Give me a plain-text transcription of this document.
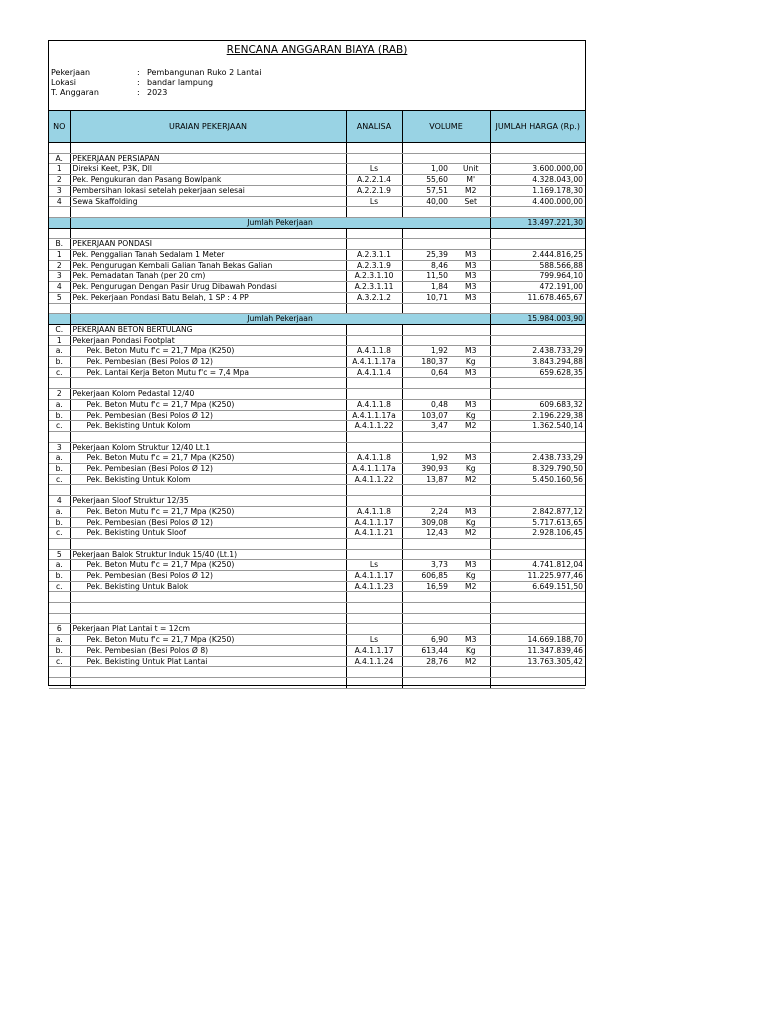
RENCANA ANGGARAN BIAYA (RAB)
Pekerjaan	: Pembangunan Ruko 2 Lantai
Lokasi	: bandar lampung
T. Anggaran	: 2023
NO	URAIAN PEKERJAAN	ANALISA	VOLUME	JUMLAH HARGA (Rp.)

A.	PEKERJAAN PERSIAPAN		

1	Direksi Keet, P3K, Dll	Ls	1,00 Unit	3.600.000,00
2	Pek. Pengukuran dan Pasang Bowlpank	A.2.2.1.4	55,60 M'	4.328.043,00
3	Pembersihan lokasi setelah pekerjaan selesai	A.2.2.1.9	57,51 M2	1.169.178,30
4	Sewa Skaffolding	Ls	40,00 Set	4.400.000,00

	Jumlah Pekerjaan			13.497.221,30

B.	PEKERJAAN PONDASI		

1	Pek. Penggalian Tanah Sedalam 1 Meter	A.2.3.1.1	25,39 M3	2.444.816,25
2	Pek. Pengurugan Kembali Galian Tanah Bekas Galian	A.2.3.1.9	8,46 M3	588.566,88
3	Pek. Pemadatan Tanah (per 20 cm)	A.2.3.1.10	11,50 M3	799.964,10
4	Pek. Pengurugan Dengan Pasir Urug Dibawah Pondasi	A.2.3.1.11	1,84 M3	472.191,00
5	Pek. Pekerjaan Pondasi Batu Belah, 1 SP : 4 PP	A.3.2.1.2	10,71 M3	11.678.465,67

	Jumlah Pekerjaan			15.984.003,90
C.	PEKERJAAN BETON BERTULANG		

1	Pekerjaan Pondasi Footplat		

a.	Pek. Beton Mutu f'c = 21,7 Mpa (K250)	A.4.1.1.8	1,92 M3	2.438.733,29
b.	Pek. Pembesian (Besi Polos Ø 12)	A.4.1.1.17a	180,37 Kg	3.843.294,88
c.	Pek. Lantai Kerja Beton Mutu f'c = 7,4 Mpa	A.4.1.1.4	0,64 M3	659.628,35

2	Pekerjaan Kolom Pedastal 12/40		

a.	Pek. Beton Mutu f'c = 21,7 Mpa (K250)	A.4.1.1.8	0,48 M3	609.683,32
b.	Pek. Pembesian (Besi Polos Ø 12)	A.4.1.1.17a	103,07 Kg	2.196.229,38
c.	Pek. Bekisting Untuk Kolom	A.4.1.1.22	3,47 M2	1.362.540,14

3	Pekerjaan Kolom Struktur 12/40 Lt.1		

a.	Pek. Beton Mutu f'c = 21,7 Mpa (K250)	A.4.1.1.8	1,92 M3	2.438.733,29
b.	Pek. Pembesian (Besi Polos Ø 12)	A.4.1.1.17a	390,93 Kg	8.329.790,50
c.	Pek. Bekisting Untuk Kolom	A.4.1.1.22	13,87 M2	5.450.160,56

4	Pekerjaan Sloof Struktur 12/35		

a.	Pek. Beton Mutu f'c = 21,7 Mpa (K250)	A.4.1.1.8	2,24 M3	2.842.877,12
b.	Pek. Pembesian (Besi Polos Ø 12)	A.4.1.1.17	309,08 Kg	5.717.613,65
c.	Pek. Bekisting Untuk Sloof	A.4.1.1.21	12,43 M2	2.928.106,45

5	Pekerjaan Balok Struktur Induk 15/40 (Lt.1)		

a.	Pek. Beton Mutu f'c = 21,7 Mpa (K250)	Ls	3,73 M3	4.741.812,04
b.	Pek. Pembesian (Besi Polos Ø 12)	A.4.1.1.17	606,85 Kg	11.225.977,46
c.	Pek. Bekisting Untuk Balok	A.4.1.1.23	16,59 M2	6.649.151,50

6	Pekerjaan Plat Lantai t = 12cm		

a.	Pek. Beton Mutu f'c = 21,7 Mpa (K250)	Ls	6,90 M3	14.669.188,70
b.	Pek. Pembesian (Besi Polos Ø 8)	A.4.1.1.17	613,44 Kg	11.347.839,46
c.	Pek. Bekisting Untuk Plat Lantai	A.4.1.1.24	28,76 M2	13.763.305,42
